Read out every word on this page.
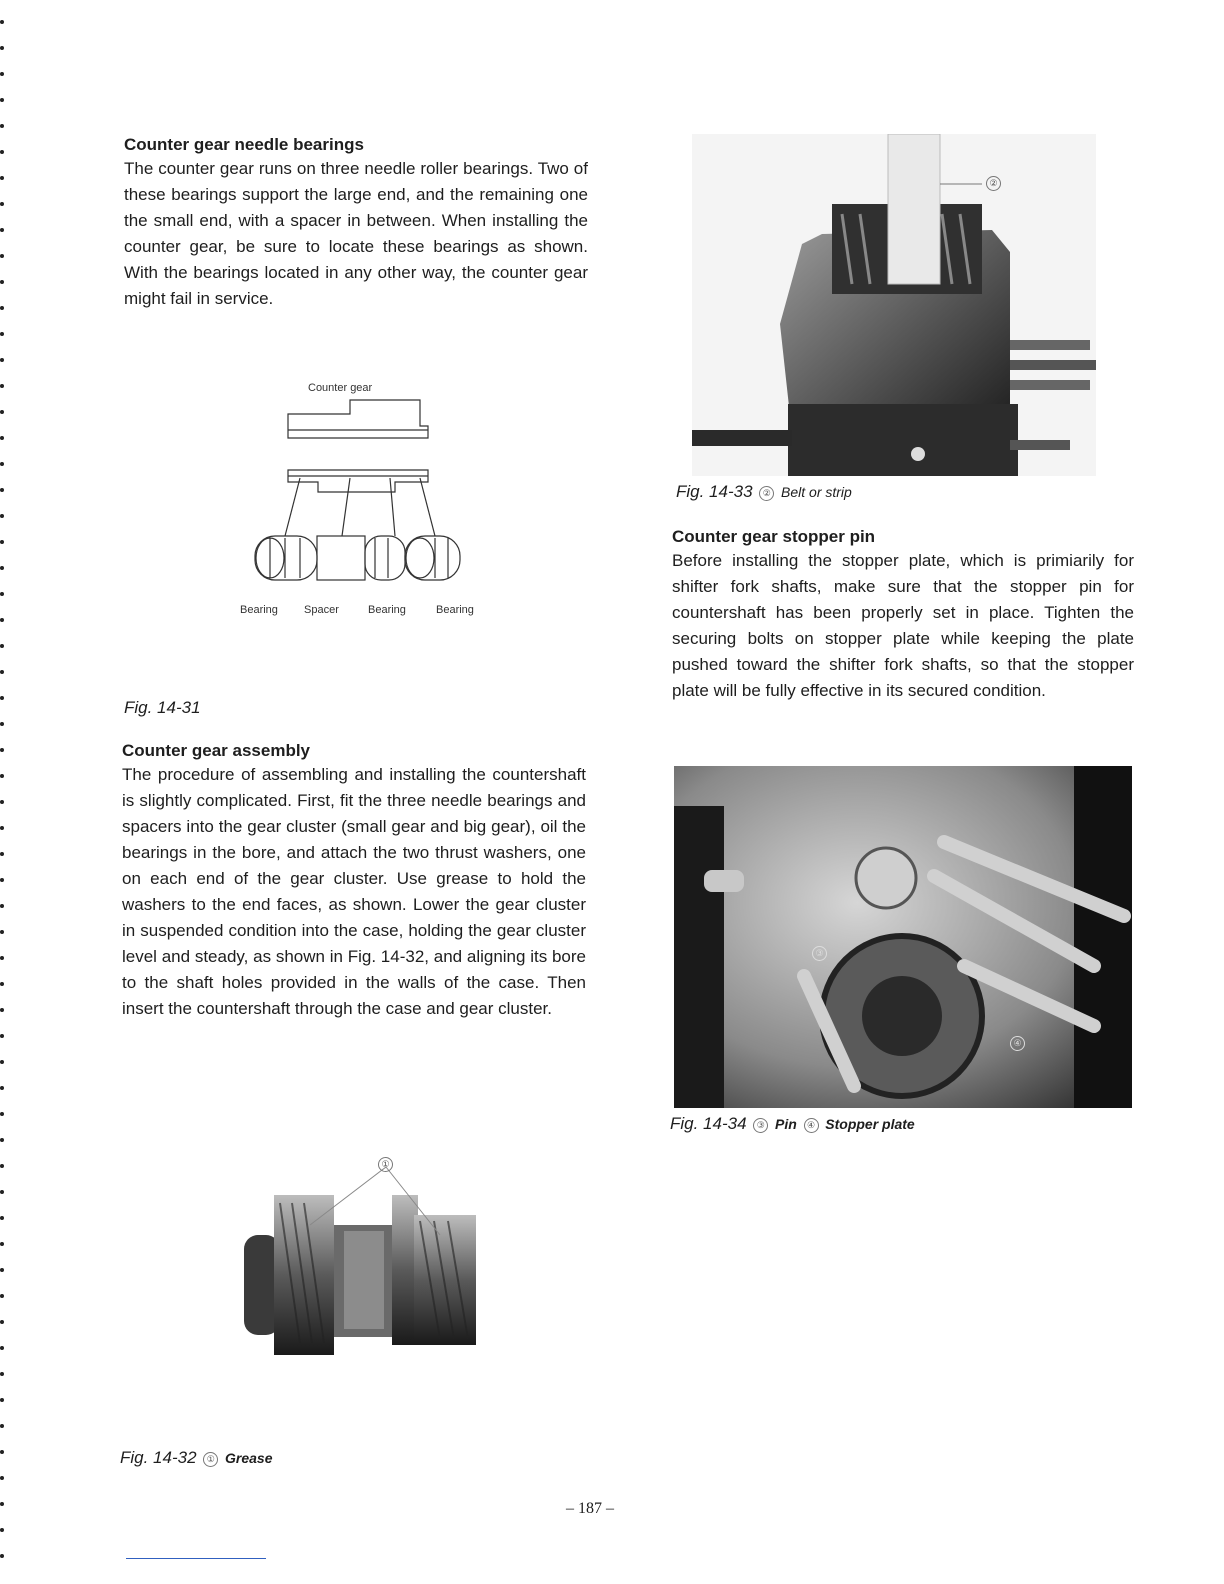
Counter gear needle bearings

The counter gear runs on three needle roller bearings. Two of these bearings support the large end, and the remaining one the small end, with a spacer in between. When installing the counter gear, be sure to locate these bearings as shown. With the bearings located in any other way, the counter gear might fail in service.

Counter gear
Bearing Spacer	Bearing	Bearing
Fig. 14-31

Counter gear assembly

The procedure of assembling and installing the countershaft is slightly complicated. First, fit the three needle bearings and spacers into the gear cluster (small gear and big gear), oil the bearings in the bore, and attach the two thrust washers, one on each end of the gear cluster. Use grease to hold the washers to the end faces, as shown. Lower the gear cluster in suspended condition into the case, holding the gear cluster level and steady, as shown in Fig. 14-32, and aligning its bore to the shaft holes provided in the walls of the case. Then insert the countershaft through the case and gear cluster.

①
Fig. 14-32 ① Grease
②
Fig. 14-33 ② Belt or strip

Counter gear stopper pin

Before installing the stopper plate, which is primiarily for shifter fork shafts, make sure that the stopper pin for countershaft has been properly set in place. Tighten the securing bolts on stopper plate while keeping the plate pushed toward the shifter fork shafts, so that the stopper plate will be fully effective in its secured condition.

③
④
Fig. 14-34 ③ Pin ④ Stopper plate
– 187 –
